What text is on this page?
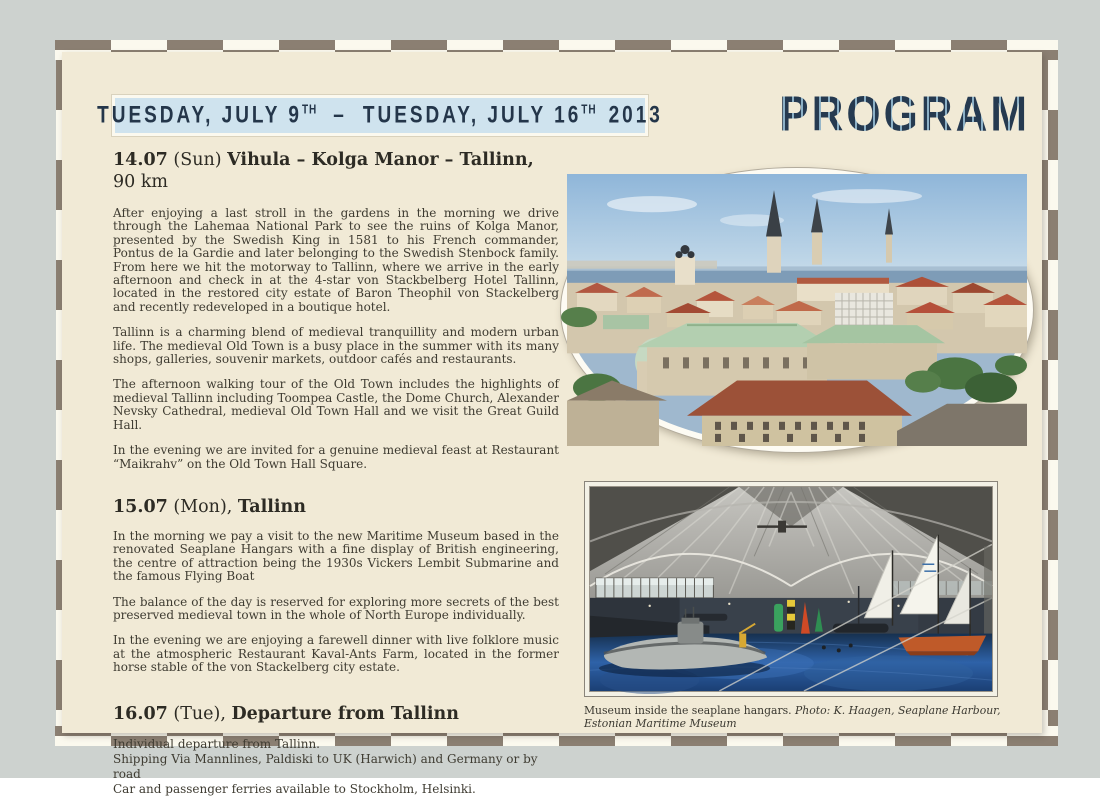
TUESDAY, JULY 9TH – TUESDAY, JULY 16TH 2013	PROGRAM
14.07 (Sun) Vihula – Kolga Manor – Tallinn, 90 km

After enjoying a last stroll in the gardens in the morning we drive through the Lahemaa National Park to see the ruins of Kolga Manor, presented by the Swedish King in 1581 to his French commander, Pontus de la Gardie and later belonging to the Swedish Stenbock family. From here we hit the motorway to Tallinn, where we arrive in the early afternoon and check in at the 4-star von Stackbelberg Hotel Tallinn, located in the restored city estate of Baron Theophil von Stackelberg and recently redeveloped in a boutique hotel.

Tallinn is a charming blend of medieval tranquillity and modern urban life. The medieval Old Town is a busy place in the summer with its many shops, galleries, souvenir markets, outdoor cafés and restaurants.

The afternoon walking tour of the Old Town includes the highlights of medieval Tallinn including Toompea Castle, the Dome Church, Alexander Nevsky Cathedral, medieval Old Town Hall and we visit the Great Guild Hall.

In the evening we are invited for a genuine medieval feast at Restaurant “Maikrahv” on the Old Town Hall Square.

15.07 (Mon), Tallinn

In the morning we pay a visit to the new Maritime Museum based in the renovated Seaplane Hangars with a fine display of British engineering, the centre of attraction being the 1930s Vickers Lembit Submarine and the famous Flying Boat

The balance of the day is reserved for exploring more secrets of the best preserved medieval town in the whole of North Europe individually.

In the evening we are enjoying a farewell dinner with live folklore music at the atmospheric Restaurant Kaval-Ants Farm, located in the former horse stable of the von Stackelberg city estate.

16.07 (Tue), Departure from Tallinn
Individual departure from Tallinn.
Shipping Via Mannlines, Paldiski to UK (Harwich) and Germany or by road
Car and passenger ferries available to Stockholm, Helsinki.
Museum inside the seaplane hangars. Photo: K. Haagen, Seaplane Harbour, Estonian Maritime Museum
